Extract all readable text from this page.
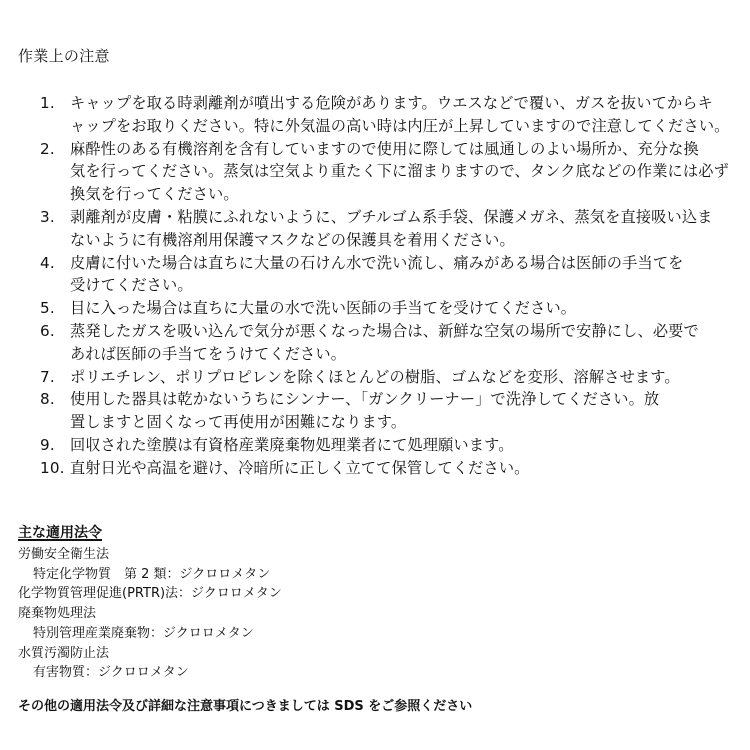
作業上の注意
1.	キャップを取る時剥離剤が噴出する危険があります。ウエスなどで覆い、ガスを抜いてからキ
ャップをお取りください。特に外気温の高い時は内圧が上昇していますので注意してください。
2.	麻酔性のある有機溶剤を含有していますので使用に際しては風通しのよい場所か、充分な換
気を行ってください。蒸気は空気より重たく下に溜まりますので、タンク底などの作業には必ず
換気を行ってください。
3.	剥離剤が皮膚・粘膜にふれないように、ブチルゴム系手袋、保護メガネ、蒸気を直接吸い込ま
ないように有機溶剤用保護マスクなどの保護具を着用ください。
4.	皮膚に付いた場合は直ちに大量の石けん水で洗い流し、痛みがある場合は医師の手当てを
受けてください。
5.	目に入った場合は直ちに大量の水で洗い医師の手当てを受けてください。
6.	蒸発したガスを吸い込んで気分が悪くなった場合は、新鮮な空気の場所で安静にし、必要で
あれば医師の手当てをうけてください。
7.	ポリエチレン、ポリプロピレンを除くほとんどの樹脂、ゴムなどを変形、溶解させます。
8.	使用した器具は乾かないうちにシンナー、「ガンクリーナー」で洗浄してください。放
置しますと固くなって再使用が困難になります。
9.	回収された塗膜は有資格産業廃棄物処理業者にて処理願います。
10. 直射日光や高温を避け、冷暗所に正しく立てて保管してください。
主な適用法令
労働安全衛生法
特定化学物質　第 2 類：ジクロロメタン
化学物質管理促進(PRTR)法：ジクロロメタン
廃棄物処理法
特別管理産業廃棄物：ジクロロメタン
水質汚濁防止法
有害物質：ジクロロメタン
その他の適用法令及び詳細な注意事項につきましては SDS をご参照ください
